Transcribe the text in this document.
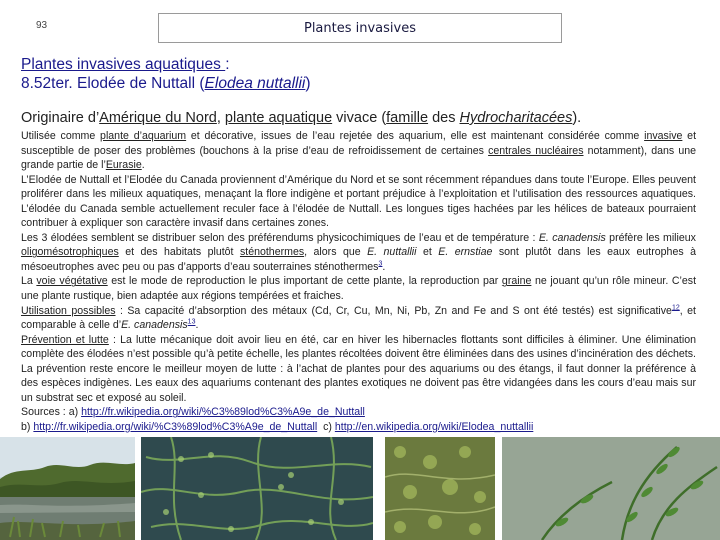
93	Plantes invasives
Plantes invasives aquatiques :
8.52ter. Elodée de Nuttall (Elodea nuttallii)
Originaire d’Amérique du Nord, plante aquatique vivace (famille des Hydrocharitacées).

Utilisée comme plante d’aquarium et décorative, issues de l’eau rejetée des aquarium, elle est maintenant considérée comme invasive et susceptible de poser des problèmes (bouchons à la prise d’eau de refroidissement de certaines centrales nucléaires notamment), dans une grande partie de l’Eurasie.

L’Elodée de Nuttall et l’Elodée du Canada proviennent d’Amérique du Nord et se sont récemment répandues dans toute l’Europe. Elles peuvent proliférer dans les milieux aquatiques, menaçant la flore indigène et portant préjudice à l’exploitation et l’utilisation des ressources aquatiques. L’élodée du Canada semble actuellement reculer face à l’élodée de Nuttall. Les longues tiges hachées par les hélices de bateaux pourraient contribuer à expliquer son caractère invasif dans certaines zones.

Les 3 élodées semblent se distribuer selon des préférendums physicochimiques de l’eau et de température : E. canadensis préfère les milieux oligomésotrophiques et des habitats plutôt sténothermes, alors que E. nuttallii et E. ernstiae sont plutôt dans les eaux eutrophes à mésoeutrophes avec peu ou pas d’apports d’eau souterraines sténothermes$^3$.

La voie végétative est le mode de reproduction le plus important de cette plante, la reproduction par graine ne jouant qu’un rôle mineur. C’est une plante rustique, bien adaptée aux régions tempérées et fraiches.

Utilisation possibles : Sa capacité d’absorption des métaux (Cd, Cr, Cu, Mn, Ni, Pb, Zn and Fe and S ont été testés) est significative$^{12}$, et comparable à celle d’E. canadensis$^{13}$.

Prévention et lutte : La lutte mécanique doit avoir lieu en été, car en hiver les hibernacles flottants sont difficiles à éliminer. Une élimination complète des élodées n’est possible qu’à petite échelle, les plantes récoltées doivent être éliminées dans des usines d’incinération des déchets. La prévention reste encore le meilleur moyen de lutte : à l’achat de plantes pour des aquariums ou des étangs, il faut donner la préférence à des espèces indigènes. Les eaux des aquariums contenant des plantes exotiques ne doivent pas être vidangées dans les cours d’eau mais sur un substrat sec et exposé au soleil.

Sources : a) http://fr.wikipedia.org/wiki/%C3%89lod%C3%A9e_de_Nuttall

b) http://fr.wikipedia.org/wiki/%C3%89lod%C3%A9e_de_Nuttall  c) http://en.wikipedia.org/wiki/Elodea_nuttallii
